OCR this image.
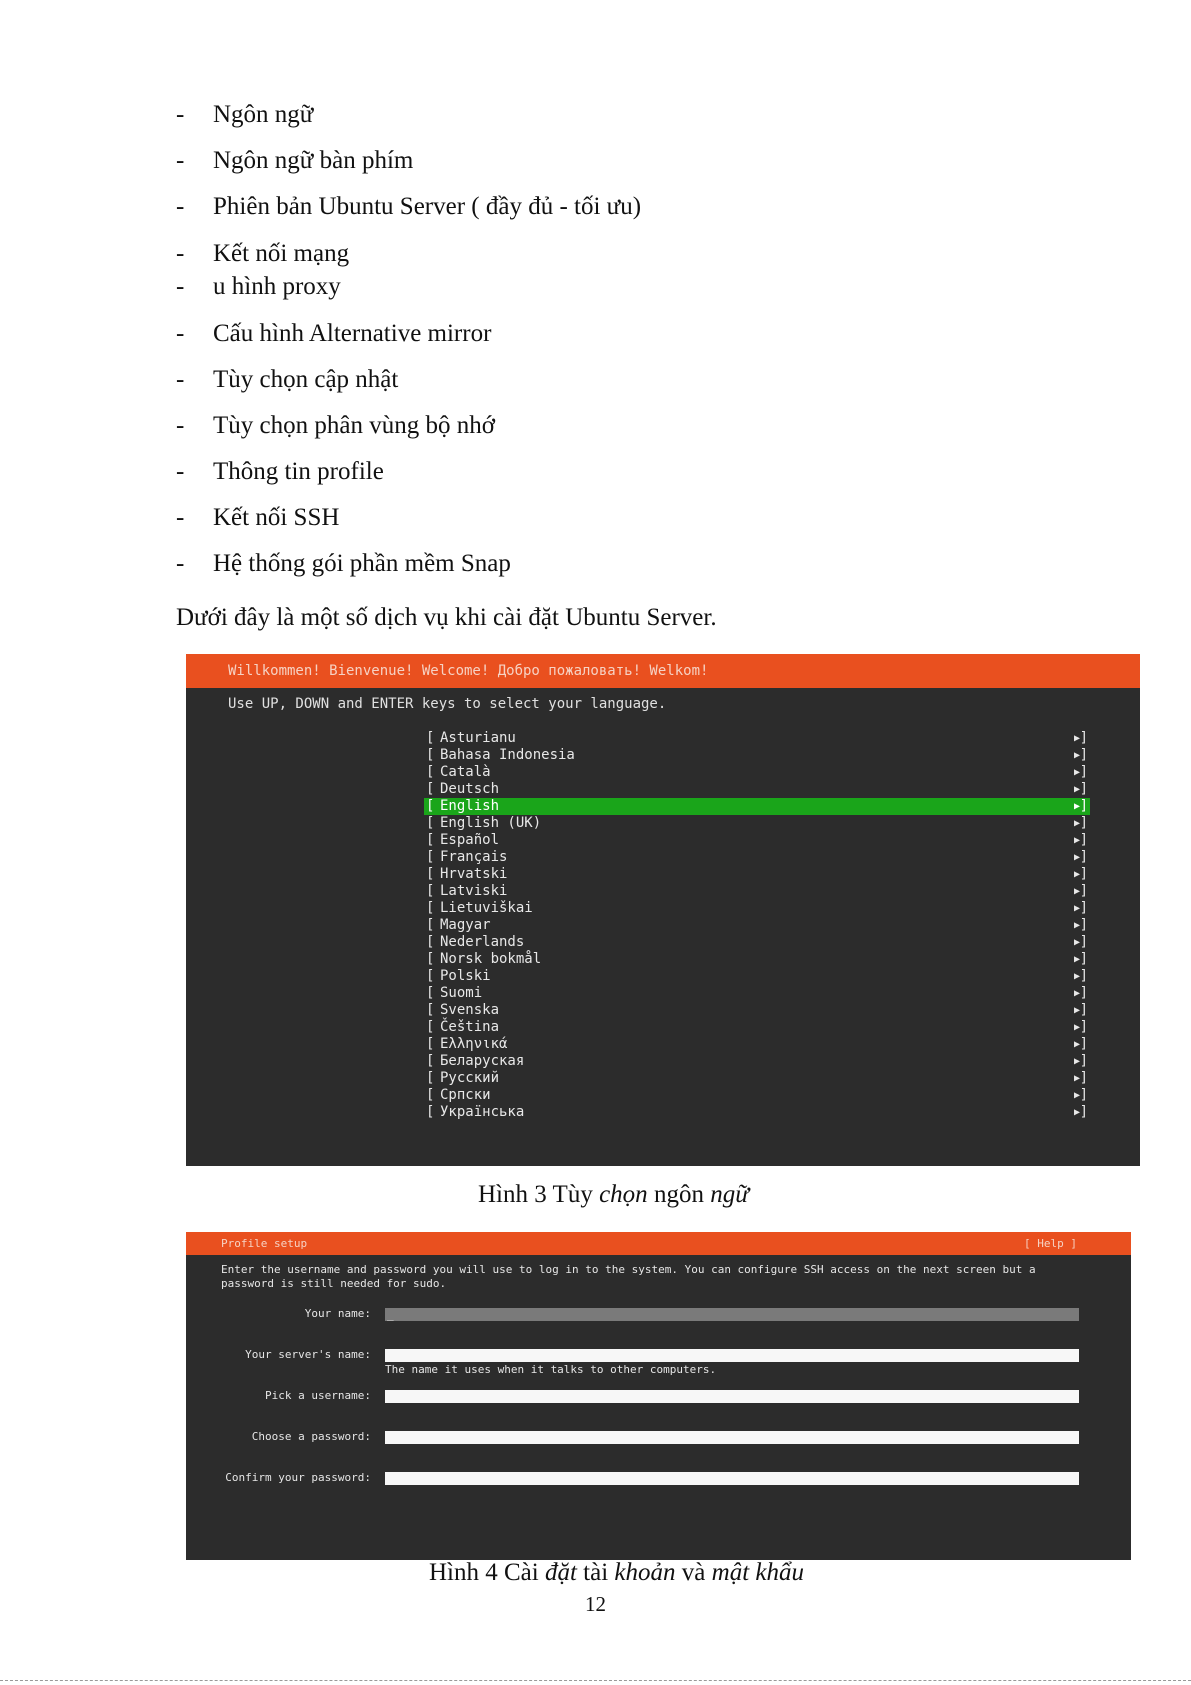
- Ngôn ngữ
- Ngôn ngữ bàn phím
- Phiên bản Ubuntu Server ( đầy đủ - tối ưu)
- Kết nối mạng
- u hình proxy
- Cấu hình Alternative mirror
- Tùy chọn cập nhật
- Tùy chọn phân vùng bộ nhớ
- Thông tin profile
- Kết nối SSH
- Hệ thống gói phần mềm Snap
Dưới đây là một số dịch vụ khi cài đặt Ubuntu Server.
Willkommen! Bienvenue! Welcome! Добро пожаловать! Welkom!
Use UP, DOWN and ENTER keys to select your language.
[ Asturianu	▶ ]
[ Bahasa Indonesia	▶ ]
[ Català	▶ ]
[ Deutsch	▶ ]
[ English	▶ ]
[ English (UK)	▶ ]
[ Español	▶ ]
[ Français	▶ ]
[ Hrvatski	▶ ]
[ Latviski	▶ ]
[ Lietuviškai	▶ ]
[ Magyar	▶ ]
[ Nederlands	▶ ]
[ Norsk bokmål	▶ ]
[ Polski	▶ ]
[ Suomi	▶ ]
[ Svenska	▶ ]
[ Čeština	▶ ]
[ Ελληνικά	▶ ]
[ Беларуская	▶ ]
[ Русский	▶ ]
[ Српски	▶ ]
[ Українська	▶ ]
Hình 3 Tùy chọn ngôn ngữ
Profile setup	[ Help ]
Enter the username and password you will use to log in to the system. You can configure SSH access on the next screen but a
password is still needed for sudo.
Your name: _
Your server's name:
The name it uses when it talks to other computers.
Pick a username:
Choose a password:
Confirm your password:
Hình 4 Cài đặt tài khoản và mật khẩu
12
